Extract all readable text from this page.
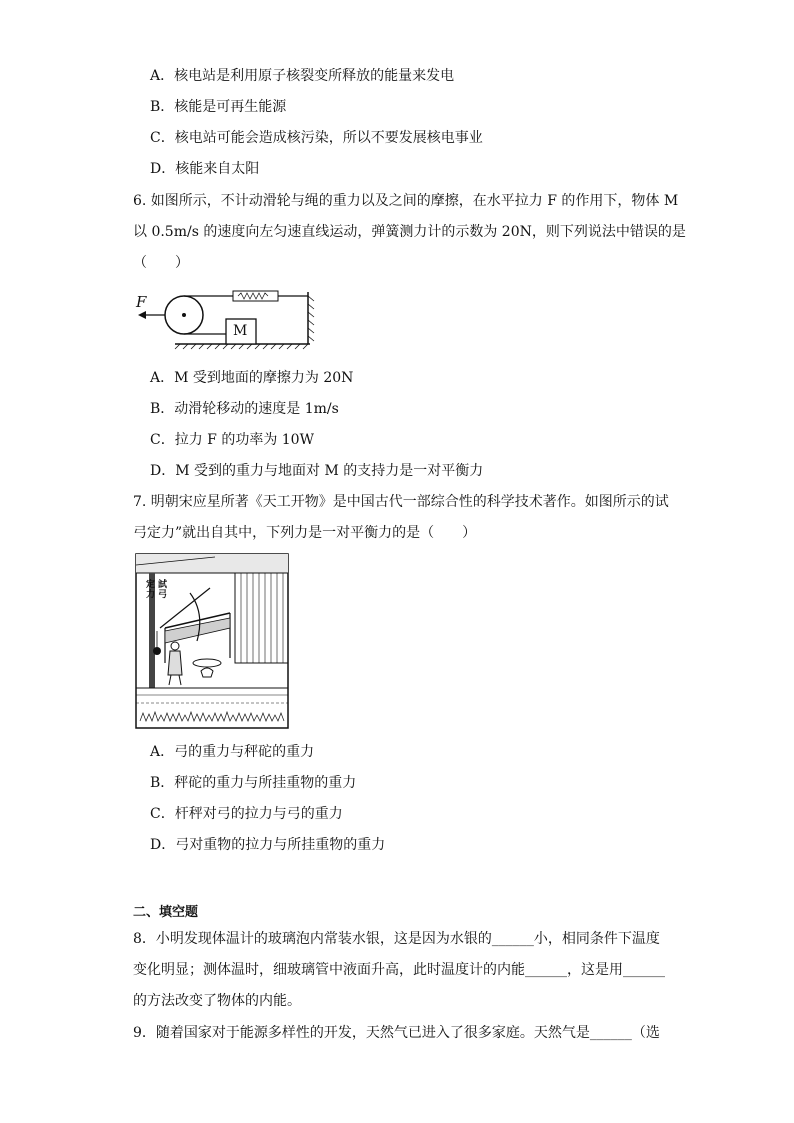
A．核电站是利用原子核裂变所释放的能量来发电
B．核能是可再生能源
C．核电站可能会造成核污染，所以不要发展核电事业
D．核能来自太阳
6. 如图所示，不计动滑轮与绳的重力以及之间的摩擦，在水平拉力 F 的作用下，物体 M
以 0.5m/s 的速度向左匀速直线运动，弹簧测力计的示数为 20N，则下列说法中错误的是
（　　）
F
M
A．M 受到地面的摩擦力为 20N
B．动滑轮移动的速度是 1m/s
C．拉力 F 的功率为 10W
D．M 受到的重力与地面对 M 的支持力是一对平衡力
7. 明朝宋应星所著《天工开物》是中国古代一部综合性的科学技术著作。如图所示的试
弓定力”就出自其中，下列力是一对平衡力的是（　　）
試弓
定力
A．弓的重力与秤砣的重力
B．秤砣的重力与所挂重物的重力
C．杆秤对弓的拉力与弓的重力
D．弓对重物的拉力与所挂重物的重力
二、填空题
8．小明发现体温计的玻璃泡内常装水银，这是因为水银的______小，相同条件下温度
变化明显；测体温时，细玻璃管中液面升高，此时温度计的内能______，这是用______
的方法改变了物体的内能。
9．随着国家对于能源多样性的开发，天然气已进入了很多家庭。天然气是______（选
